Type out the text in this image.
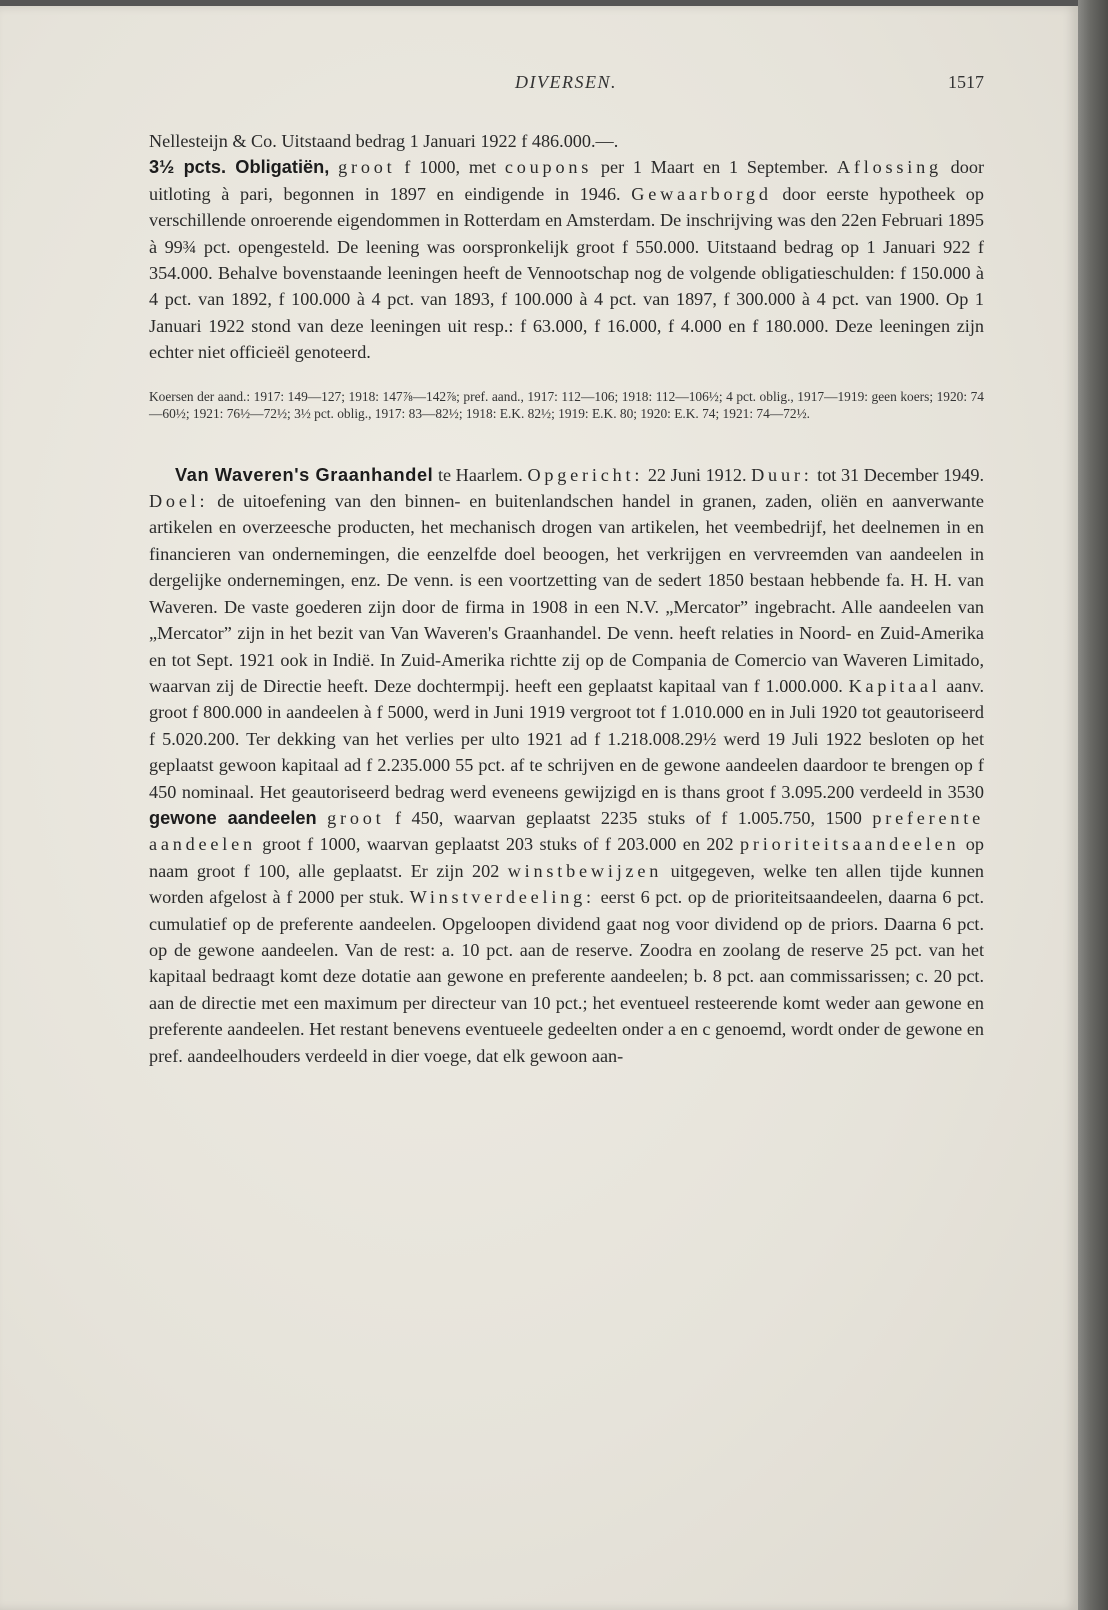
DIVERSEN.	1517

Nellesteijn & Co. Uitstaand bedrag 1 Januari 1922 f 486.000.—.
3½ pcts. Obligatiën, groot f 1000, met coupons per 1 Maart en 1 September. Aflossing door uitloting à pari, begonnen in 1897 en eindigende in 1946. Gewaarborgd door eerste hypotheek op verschillende onroerende eigendommen in Rotterdam en Amsterdam. De inschrijving was den 22en Februari 1895 à 99¾ pct. opengesteld. De leening was oorspronkelijk groot f 550.000. Uitstaand bedrag op 1 Januari 922 f 354.000. Behalve bovenstaande leeningen heeft de Vennootschap nog de volgende obligatieschulden: f 150.000 à 4 pct. van 1892, f 100.000 à 4 pct. van 1893, f 100.000 à 4 pct. van 1897, f 300.000 à 4 pct. van 1900. Op 1 Januari 1922 stond van deze leeningen uit resp.: f 63.000, f 16.000, f 4.000 en f 180.000. Deze leeningen zijn echter niet officieël genoteerd.

Koersen der aand.: 1917: 149—127; 1918: 147⅞—142⅞; pref. aand., 1917: 112—106; 1918: 112—106½; 4 pct. oblig., 1917—1919: geen koers; 1920: 74—60½; 1921: 76½—72½; 3½ pct. oblig., 1917: 83—82½; 1918: E.K. 82½; 1919: E.K. 80; 1920: E.K. 74; 1921: 74—72½.

Van Waveren's Graanhandel te Haarlem. Opgericht: 22 Juni 1912. Duur: tot 31 December 1949. Doel: de uitoefening van den binnen- en buitenlandschen handel in granen, zaden, oliën en aanverwante artikelen en overzeesche producten, het mechanisch drogen van artikelen, het veembedrijf, het deelnemen in en financieren van ondernemingen, die eenzelfde doel beoogen, het verkrijgen en vervreemden van aandeelen in dergelijke ondernemingen, enz. De venn. is een voortzetting van de sedert 1850 bestaan hebbende fa. H. H. van Waveren. De vaste goederen zijn door de firma in 1908 in een N.V. „Mercator” ingebracht. Alle aandeelen van „Mercator” zijn in het bezit van Van Waveren's Graanhandel. De venn. heeft relaties in Noord- en Zuid-Amerika en tot Sept. 1921 ook in Indië. In Zuid-Amerika richtte zij op de Compania de Comercio van Waveren Limitado, waarvan zij de Directie heeft. Deze dochtermpij. heeft een geplaatst kapitaal van f 1.000.000. Kapitaal aanv. groot f 800.000 in aandeelen à f 5000, werd in Juni 1919 vergroot tot f 1.010.000 en in Juli 1920 tot geautoriseerd f 5.020.200. Ter dekking van het verlies per ulto 1921 ad f 1.218.008.29½ werd 19 Juli 1922 besloten op het geplaatst gewoon kapitaal ad f 2.235.000 55 pct. af te schrijven en de gewone aandeelen daardoor te brengen op f 450 nominaal. Het geautoriseerd bedrag werd eveneens gewijzigd en is thans groot f 3.095.200 verdeeld in 3530 gewone aandeelen groot f 450, waarvan geplaatst 2235 stuks of f 1.005.750, 1500 preferente aandeelen groot f 1000, waarvan geplaatst 203 stuks of f 203.000 en 202 prioriteitsaandeelen op naam groot f 100, alle geplaatst. Er zijn 202 winstbewijzen uitgegeven, welke ten allen tijde kunnen worden afgelost à f 2000 per stuk. Winstverdeeling: eerst 6 pct. op de prioriteitsaandeelen, daarna 6 pct. cumulatief op de preferente aandeelen. Opgeloopen dividend gaat nog voor dividend op de priors. Daarna 6 pct. op de gewone aandeelen. Van de rest: a. 10 pct. aan de reserve. Zoodra en zoolang de reserve 25 pct. van het kapitaal bedraagt komt deze dotatie aan gewone en preferente aandeelen; b. 8 pct. aan commissarissen; c. 20 pct. aan de directie met een maximum per directeur van 10 pct.; het eventueel resteerende komt weder aan gewone en preferente aandeelen. Het restant benevens eventueele gedeelten onder a en c genoemd, wordt onder de gewone en pref. aandeelhouders verdeeld in dier voege, dat elk gewoon aan-
